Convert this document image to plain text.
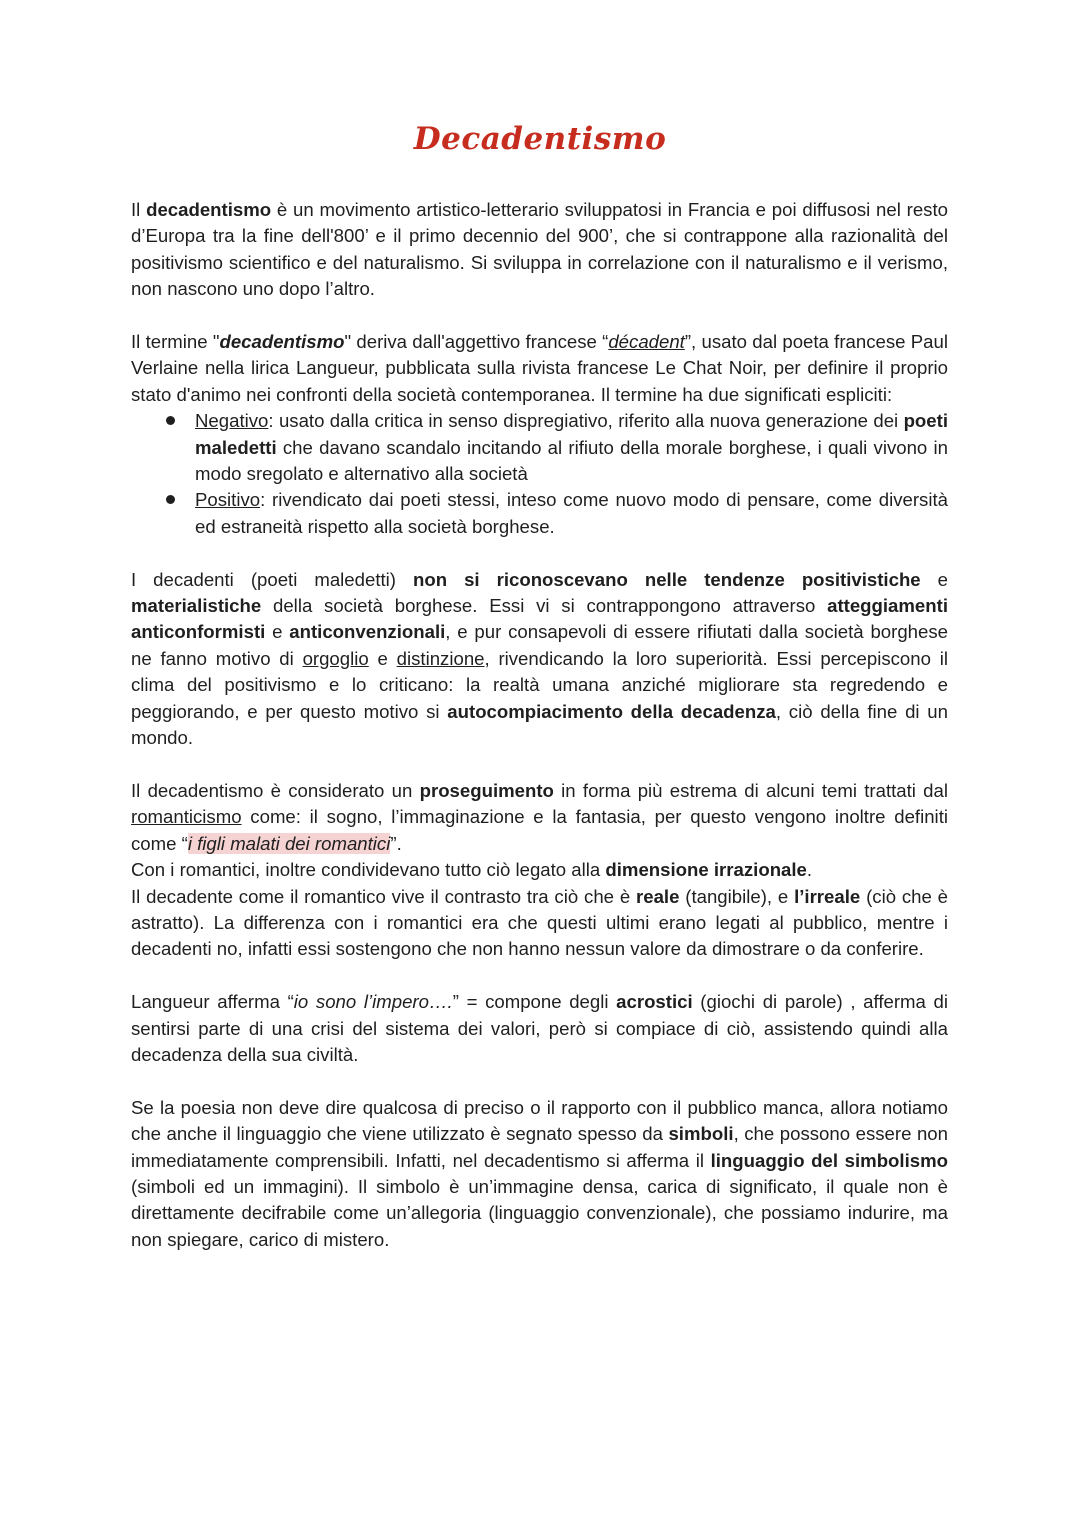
Decadentismo

Il decadentismo è un movimento artistico-letterario sviluppatosi in Francia e poi diffusosi nel resto d’Europa tra la fine dell'800’ e il primo decennio del 900’, che si contrappone alla razionalità del positivismo scientifico e del naturalismo. Si sviluppa in correlazione con il naturalismo e il verismo, non nascono uno dopo l’altro.

Il termine "decadentismo" deriva dall'aggettivo francese “décadent”, usato dal poeta francese Paul Verlaine nella lirica Langueur, pubblicata sulla rivista francese Le Chat Noir, per definire il proprio stato d'animo nei confronti della società contemporanea. Il termine ha due significati espliciti:

Negativo: usato dalla critica in senso dispregiativo, riferito alla nuova generazione dei poeti maledetti che davano scandalo incitando al rifiuto della morale borghese, i quali vivono in modo sregolato e alternativo alla società
Positivo: rivendicato dai poeti stessi, inteso come nuovo modo di pensare, come diversità ed estraneità rispetto alla società borghese.

I decadenti (poeti maledetti) non si riconoscevano nelle tendenze positivistiche e materialistiche della società borghese. Essi vi si contrappongono attraverso atteggiamenti anticonformisti e anticonvenzionali, e pur consapevoli di essere rifiutati dalla società borghese ne fanno motivo di orgoglio e distinzione, rivendicando la loro superiorità. Essi percepiscono il clima del positivismo e lo criticano: la realtà umana anziché migliorare sta regredendo e peggiorando, e per questo motivo si autocompiacimento della decadenza, ciò della fine di un mondo.

Il decadentismo è considerato un proseguimento in forma più estrema di alcuni temi trattati dal romanticismo come: il sogno, l’immaginazione e la fantasia, per questo vengono inoltre definiti come “i figli malati dei romantici”.

Con i romantici, inoltre condividevano tutto ciò legato alla dimensione irrazionale.

Il decadente come il romantico vive il contrasto tra ciò che è reale (tangibile), e l’irreale (ciò che è astratto). La differenza con i romantici era che questi ultimi erano legati al pubblico, mentre i decadenti no, infatti essi sostengono che non hanno nessun valore da dimostrare o da conferire.

Langueur afferma “io sono l’impero….” = compone degli acrostici (giochi di parole) , afferma di sentirsi parte di una crisi del sistema dei valori, però si compiace di ciò, assistendo quindi alla decadenza della sua civiltà.

Se la poesia non deve dire qualcosa di preciso o il rapporto con il pubblico manca, allora notiamo che anche il linguaggio che viene utilizzato è segnato spesso da simboli, che possono essere non immediatamente comprensibili. Infatti, nel decadentismo si afferma il linguaggio del simbolismo (simboli ed un immagini). Il simbolo è un’immagine densa, carica di significato, il quale non è direttamente decifrabile come un’allegoria (linguaggio convenzionale), che possiamo indurire, ma non spiegare, carico di mistero.
